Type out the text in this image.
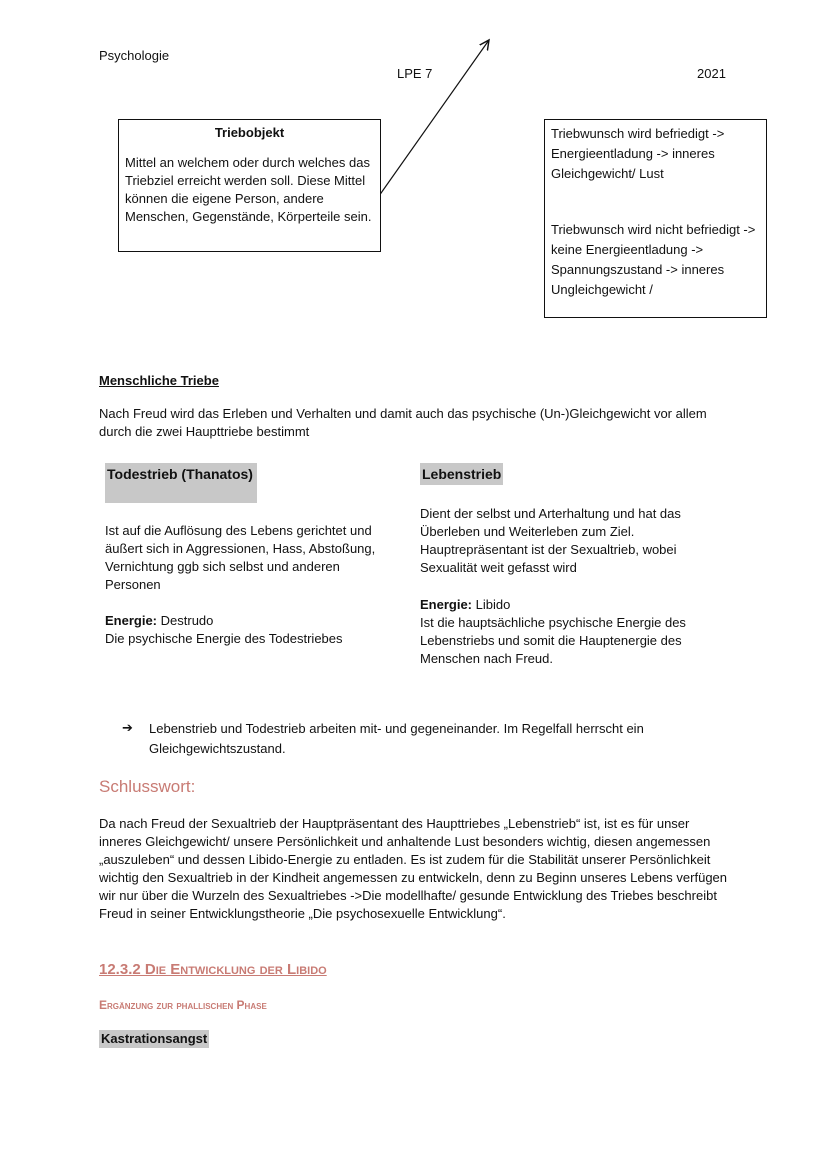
Psychologie
LPE 7	2021
Triebobjekt
Mittel an welchem oder durch welches das Triebziel erreicht werden soll. Diese Mittel können die eigene Person, andere Menschen, Gegenstände, Körperteile sein.
Triebwunsch wird befriedigt -> Energieentladung -> inneres Gleichgewicht/ Lust
Triebwunsch wird nicht befriedigt -> keine Energieentladung -> Spannungszustand -> inneres Ungleichgewicht /
Menschliche Triebe
Nach Freud wird das Erleben und Verhalten und damit auch das psychische (Un-)Gleichgewicht vor allem durch die zwei Haupttriebe bestimmt
Todestrieb (Thanatos)
Ist auf die Auflösung des Lebens gerichtet und äußert sich in Aggressionen, Hass, Abstoßung, Vernichtung ggb sich selbst und anderen Personen
Energie: Destrudo
Die psychische Energie des Todestriebes
Lebenstrieb
Dient der selbst und Arterhaltung und hat das Überleben und Weiterleben zum Ziel. Hauptrepräsentant ist der Sexualtrieb, wobei Sexualität weit gefasst wird
Energie: Libido
Ist die hauptsächliche psychische Energie des Lebenstriebs und somit die Hauptenergie des Menschen nach Freud.
➔ Lebenstrieb und Todestrieb arbeiten mit- und gegeneinander. Im Regelfall herrscht ein Gleichgewichtszustand.
Schlusswort:
Da nach Freud der Sexualtrieb der Hauptpräsentant des Haupttriebes „Lebenstrieb“ ist, ist es für unser inneres Gleichgewicht/ unsere Persönlichkeit und anhaltende Lust besonders wichtig, diesen angemessen „auszuleben“ und dessen Libido-Energie zu entladen. Es ist zudem für die Stabilität unserer Persönlichkeit wichtig den Sexualtrieb in der Kindheit angemessen zu entwickeln, denn zu Beginn unseres Lebens verfügen wir nur über die Wurzeln des Sexualtriebes ->Die modellhafte/ gesunde Entwicklung des Triebes beschreibt Freud in seiner Entwicklungstheorie „Die psychosexuelle Entwicklung“.
12.3.2 Die Entwicklung der Libido
Ergänzung zur phallischen Phase
Kastrationsangst
